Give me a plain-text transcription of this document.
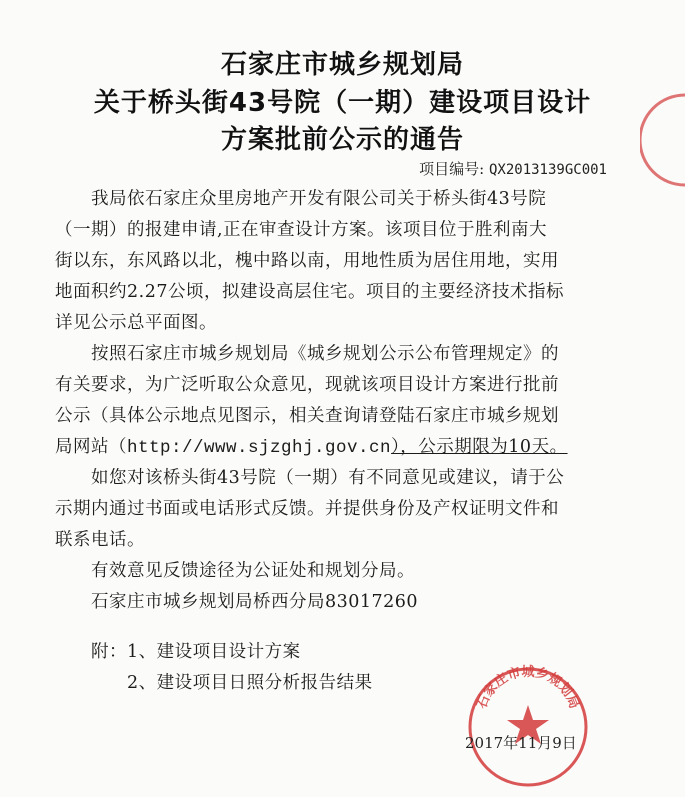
石家庄市城乡规划局
关于桥头街43号院（一期）建设项目设计
方案批前公示的通告
项目编号: QX2013139GC001
　　我局依石家庄众里房地产开发有限公司关于桥头街43号院
（一期）的报建申请,正在审查设计方案。该项目位于胜利南大
街以东，东风路以北，槐中路以南，用地性质为居住用地，实用
地面积约2.27公顷，拟建设高层住宅。项目的主要经济技术指标
详见公示总平面图。
　　按照石家庄市城乡规划局《城乡规划公示公布管理规定》的
有关要求，为广泛听取公众意见，现就该项目设计方案进行批前
公示（具体公示地点见图示，相关查询请登陆石家庄市城乡规划
局网站（http://www.sjzghj.gov.cn），公示期限为10天。
　　如您对该桥头街43号院（一期）有不同意见或建议，请于公
示期内通过书面或电话形式反馈。并提供身份及产权证明文件和
联系电话。
　　有效意见反馈途径为公证处和规划分局。
　　石家庄市城乡规划局桥西分局83017260
　　附：1、建设项目设计方案
　　　　2、建设项目日照分析报告结果
石家庄市城乡规划局
2017年11月9日
